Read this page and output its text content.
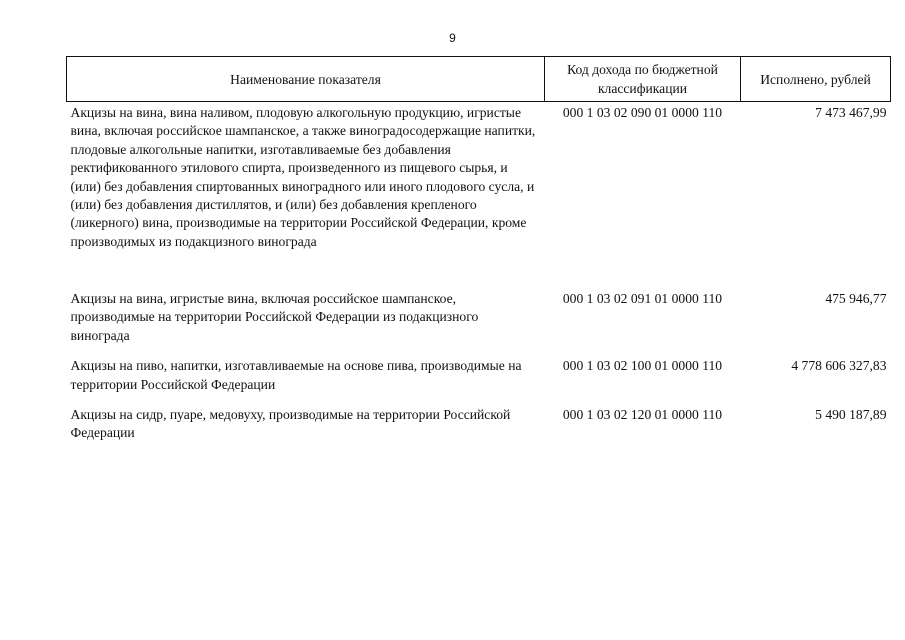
9
Наименование показателя	Код дохода по бюджетной классификации	Исполнено, рублей
Акцизы на вина, вина наливом, плодовую алкогольную продукцию, игристые вина, включая российское шампанское, а также виноградосодержащие напитки, плодовые алкогольные напитки, изготавливаемые без добавления ректификованного этилового спирта, произведенного из пищевого сырья, и (или) без добавления спиртованных виноградного или иного плодового сусла, и (или) без добавления дистиллятов, и (или) без добавления крепленого (ликерного) вина, производимые на территории Российской Федерации, кроме производимых из подакцизного винограда	000 1 03 02 090 01 0000 110	7 473 467,99
Акцизы на вина, игристые вина, включая российское шампанское, производимые на территории Российской Федерации из подакцизного винограда	000 1 03 02 091 01 0000 110	475 946,77
Акцизы на пиво, напитки, изготавливаемые на основе пива, производимые на территории Российской Федерации	000 1 03 02 100 01 0000 110	4 778 606 327,83
Акцизы на сидр, пуаре, медовуху, производимые на территории Российской Федерации	000 1 03 02 120 01 0000 110	5 490 187,89
